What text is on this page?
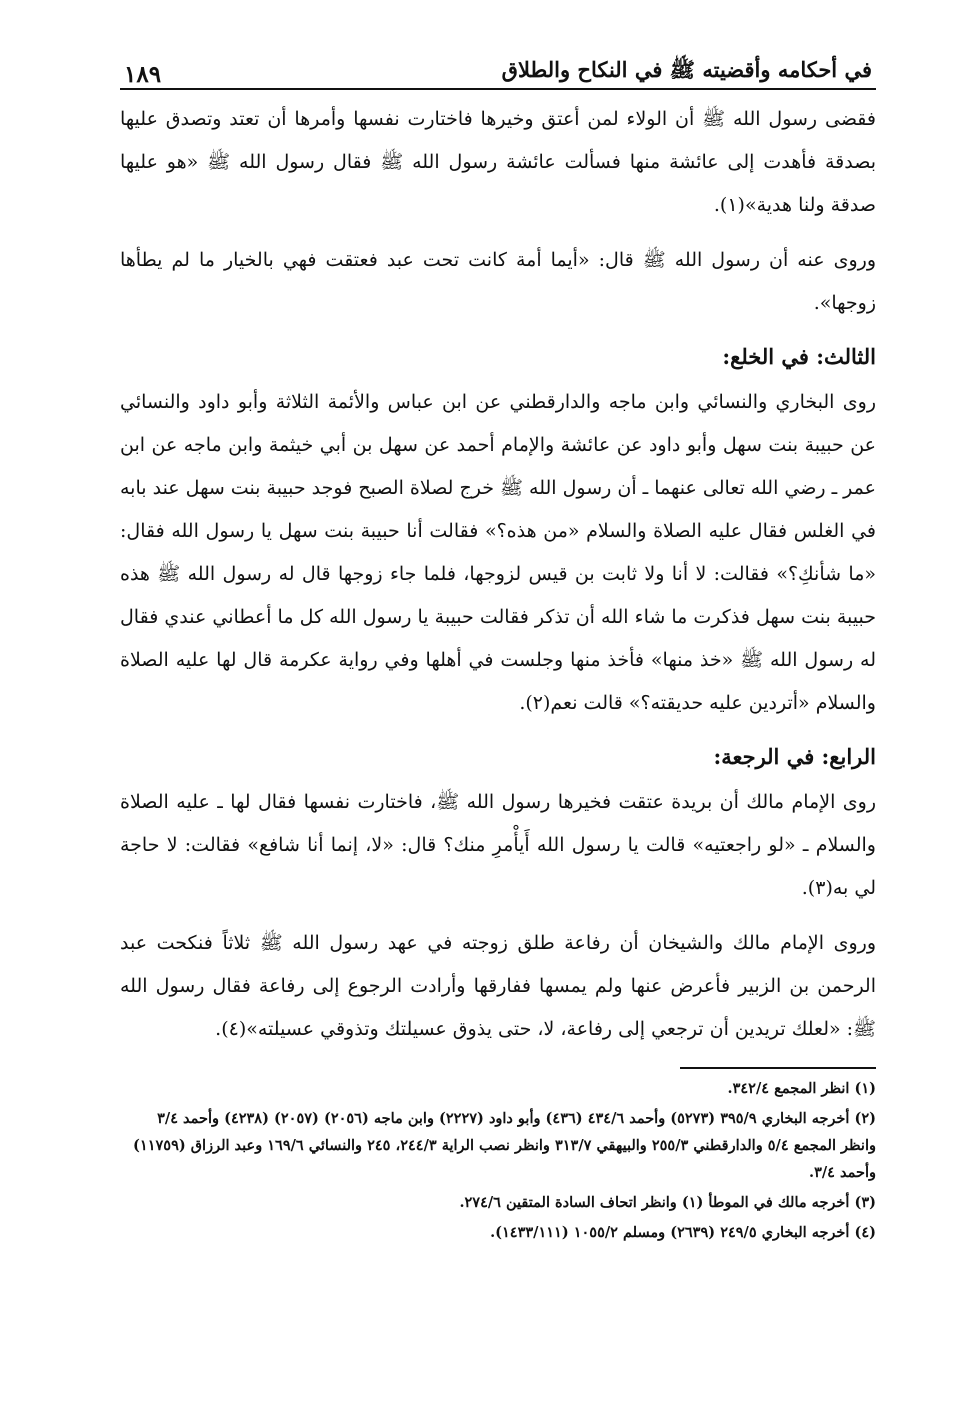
في أحكامه وأقضيته ﷺ في النكاح والطلاق
١٨٩

فقضى رسول الله ﷺ أن الولاء لمن أعتق وخيرها فاختارت نفسها وأمرها أن تعتد وتصدق عليها بصدقة فأهدت إلى عائشة منها فسألت عائشة رسول الله ﷺ فقال رسول الله ﷺ «هو عليها صدقة ولنا هدية»(١).

وروى عنه أن رسول الله ﷺ قال: «أيما أمة كانت تحت عبد فعتقت فهي بالخيار ما لم يطأها زوجها».

الثالث: في الخلع:

روى البخاري والنسائي وابن ماجه والدارقطني عن ابن عباس والأئمة الثلاثة وأبو داود والنسائي عن حبيبة بنت سهل وأبو داود عن عائشة والإمام أحمد عن سهل بن أبي خيثمة وابن ماجه عن ابن عمر ـ رضي الله تعالى عنهما ـ أن رسول الله ﷺ خرج لصلاة الصبح فوجد حبيبة بنت سهل عند بابه في الغلس فقال عليه الصلاة والسلام «من هذه؟» فقالت أنا حبيبة بنت سهل يا رسول الله فقال: «ما شأنكِ؟» فقالت: لا أنا ولا ثابت بن قيس لزوجها، فلما جاء زوجها قال له رسول الله ﷺ هذه حبيبة بنت سهل فذكرت ما شاء الله أن تذكر فقالت حبيبة يا رسول الله كل ما أعطاني عندي فقال له رسول الله ﷺ «خذ منها» فأخذ منها وجلست في أهلها وفي رواية عكرمة قال لها عليه الصلاة والسلام «أتردين عليه حديقته؟» قالت نعم(٢).

الرابع: في الرجعة:

روى الإمام مالك أن بريدة عتقت فخيرها رسول الله ﷺ، فاختارت نفسها فقال لها ـ عليه الصلاة والسلام ـ «لو راجعتيه» قالت يا رسول الله أَيأْمرِ منك؟ قال: «لا، إنما أنا شافع» فقالت: لا حاجة لي به(٣).

وروى الإمام مالك والشيخان أن رفاعة طلق زوجته في عهد رسول الله ﷺ ثلاثاً فنكحت عبد الرحمن بن الزبير فأعرض عنها ولم يمسها ففارقها وأرادت الرجوع إلى رفاعة فقال رسول الله ﷺ: «لعلك تريدين أن ترجعي إلى رفاعة، لا، حتى يذوق عسيلتك وتذوقي عسيلته»(٤).

(١) انظر المجمع ٣٤٢/٤.

(٢) أخرجه البخاري ٣٩٥/٩ (٥٢٧٣) وأحمد ٤٣٤/٦ (٤٣٦) وأبو داود (٢٢٢٧) وابن ماجه (٢٠٥٦) (٢٠٥٧) (٤٢٣٨) وأحمد ٣/٤ وانظر المجمع ٥/٤ والدارقطني ٢٥٥/٣ والبيهقي ٣١٣/٧ وانظر نصب الراية ٢٤٤/٣، ٢٤٥ والنسائي ١٦٩/٦ وعبد الرزاق (١١٧٥٩) وأحمد ٣/٤.

(٣) أخرجه مالك في الموطأ (١) وانظر اتحاف السادة المتقين ٢٧٤/٦.

(٤) أخرجه البخاري ٢٤٩/٥ (٢٦٣٩) ومسلم ١٠٥٥/٢ (١٤٣٣/١١١).
